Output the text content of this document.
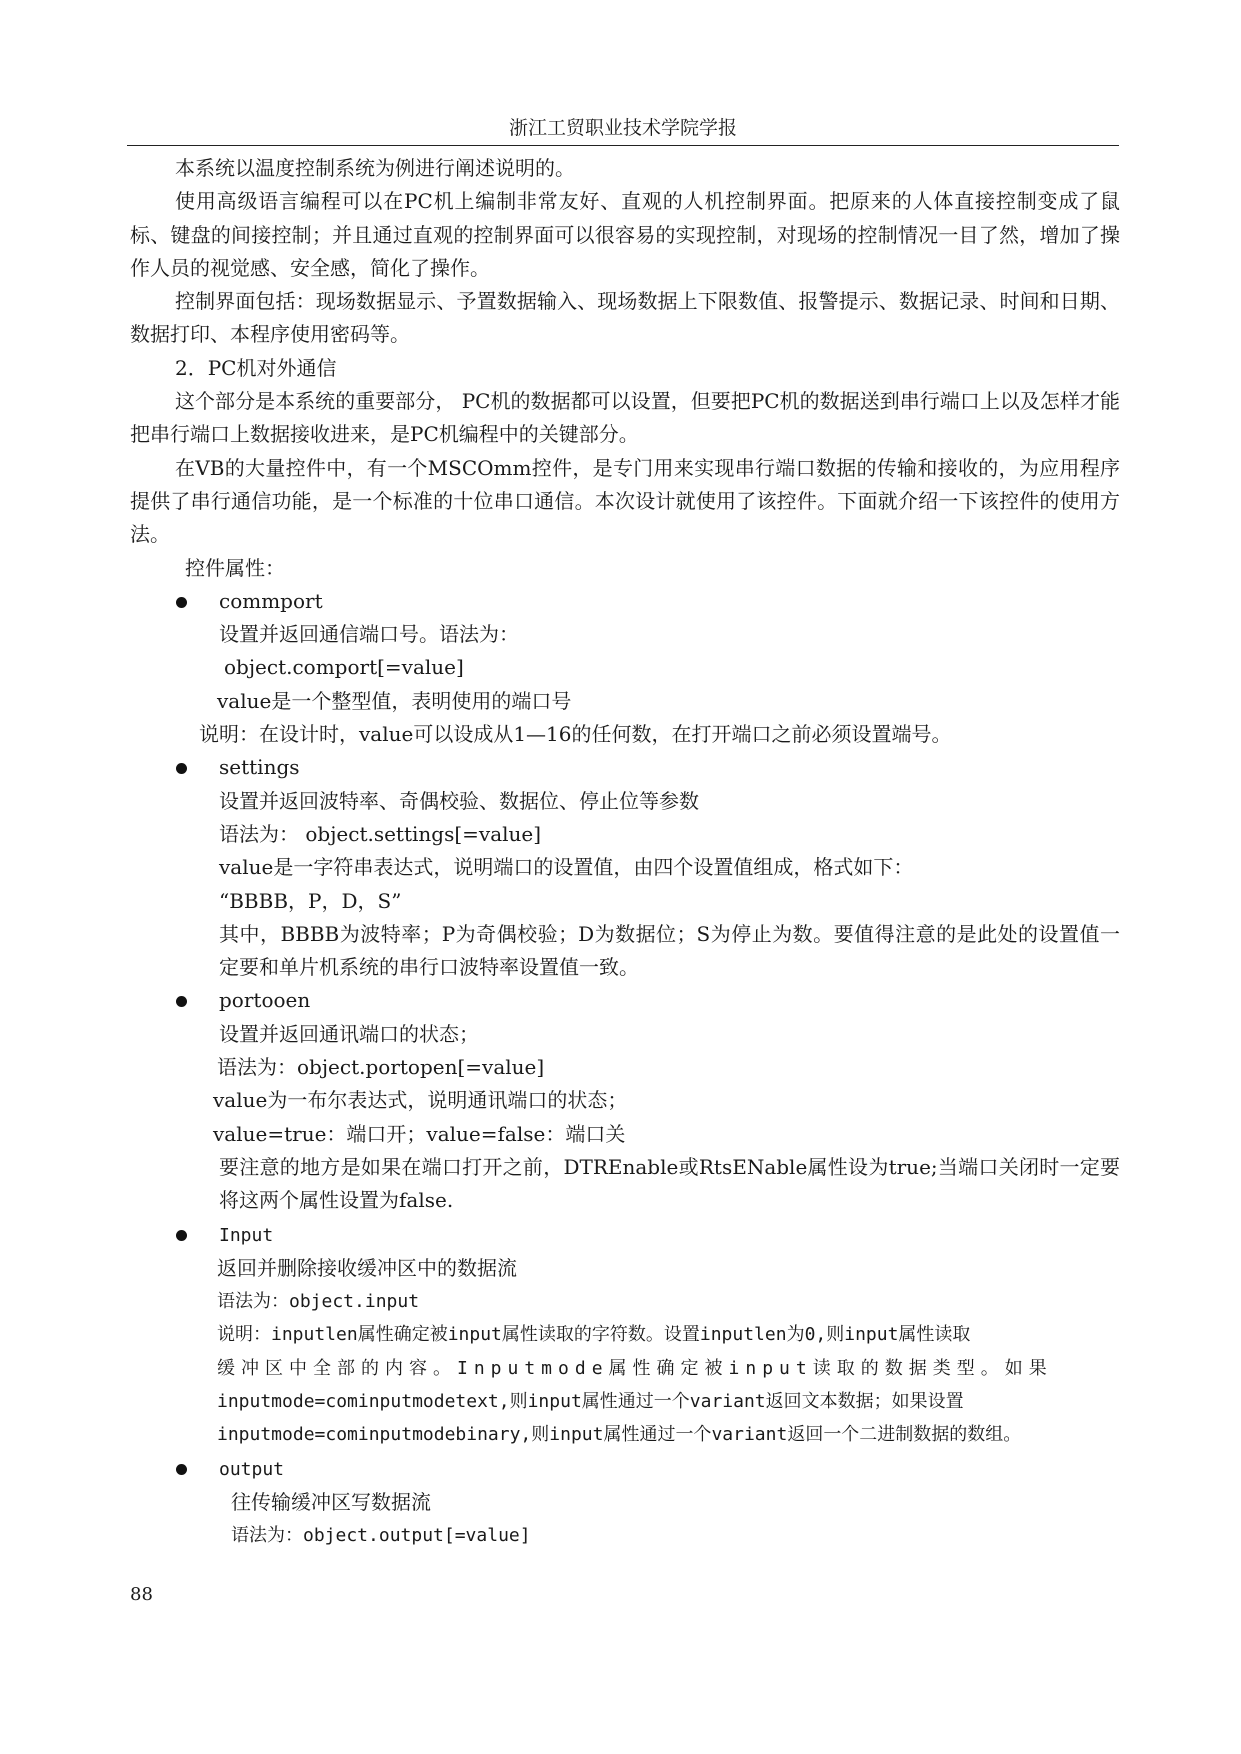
浙江工贸职业技术学院学报

本系统以温度控制系统为例进行阐述说明的。

使用高级语言编程可以在PC机上编制非常友好、直观的人机控制界面。把原来的人体直接控制变成了鼠标、键盘的间接控制；并且通过直观的控制界面可以很容易的实现控制，对现场的控制情况一目了然，增加了操作人员的视觉感、安全感，简化了操作。

控制界面包括：现场数据显示、予置数据输入、现场数据上下限数值、报警提示、数据记录、时间和日期、数据打印、本程序使用密码等。

2．PC机对外通信

这个部分是本系统的重要部分， PC机的数据都可以设置，但要把PC机的数据送到串行端口上以及怎样才能把串行端口上数据接收进来，是PC机编程中的关键部分。

在VB的大量控件中，有一个MSCOmm控件，是专门用来实现串行端口数据的传输和接收的，为应用程序提供了串行通信功能，是一个标准的十位串口通信。本次设计就使用了该控件。下面就介绍一下该控件的使用方法。

控件属性：

commport
设置并返回通信端口号。语法为：
object.comport[=value]
value是一个整型值，表明使用的端口号
说明：在设计时，value可以设成从1—16的任何数，在打开端口之前必须设置端号。
settings
设置并返回波特率、奇偶校验、数据位、停止位等参数
语法为： object.settings[=value]
value是一字符串表达式，说明端口的设置值，由四个设置值组成，格式如下：
“BBBB，P，D，S”
其中，BBBB为波特率；P为奇偶校验；D为数据位；S为停止为数。要值得注意的是此处的设置值一定要和单片机系统的串行口波特率设置值一致。
portooen
设置并返回通讯端口的状态；
语法为：object.portopen[=value]
value为一布尔表达式，说明通讯端口的状态；
value=true：端口开；value=false：端口关
要注意的地方是如果在端口打开之前，DTREnable或RtsENable属性设为true;当端口关闭时一定要将这两个属性设置为false.
Input
返回并删除接收缓冲区中的数据流
语法为：object.input
说明：inputlen属性确定被input属性读取的字符数。设置inputlen为0,则input属性读取
缓冲区中全部的内容。Inputmode属性确定被input读取的数据类型。如果
inputmode=cominputmodetext,则input属性通过一个variant返回文本数据；如果设置
inputmode=cominputmodebinary,则input属性通过一个variant返回一个二进制数据的数组。
output
往传输缓冲区写数据流
语法为：object.output[=value]
88
